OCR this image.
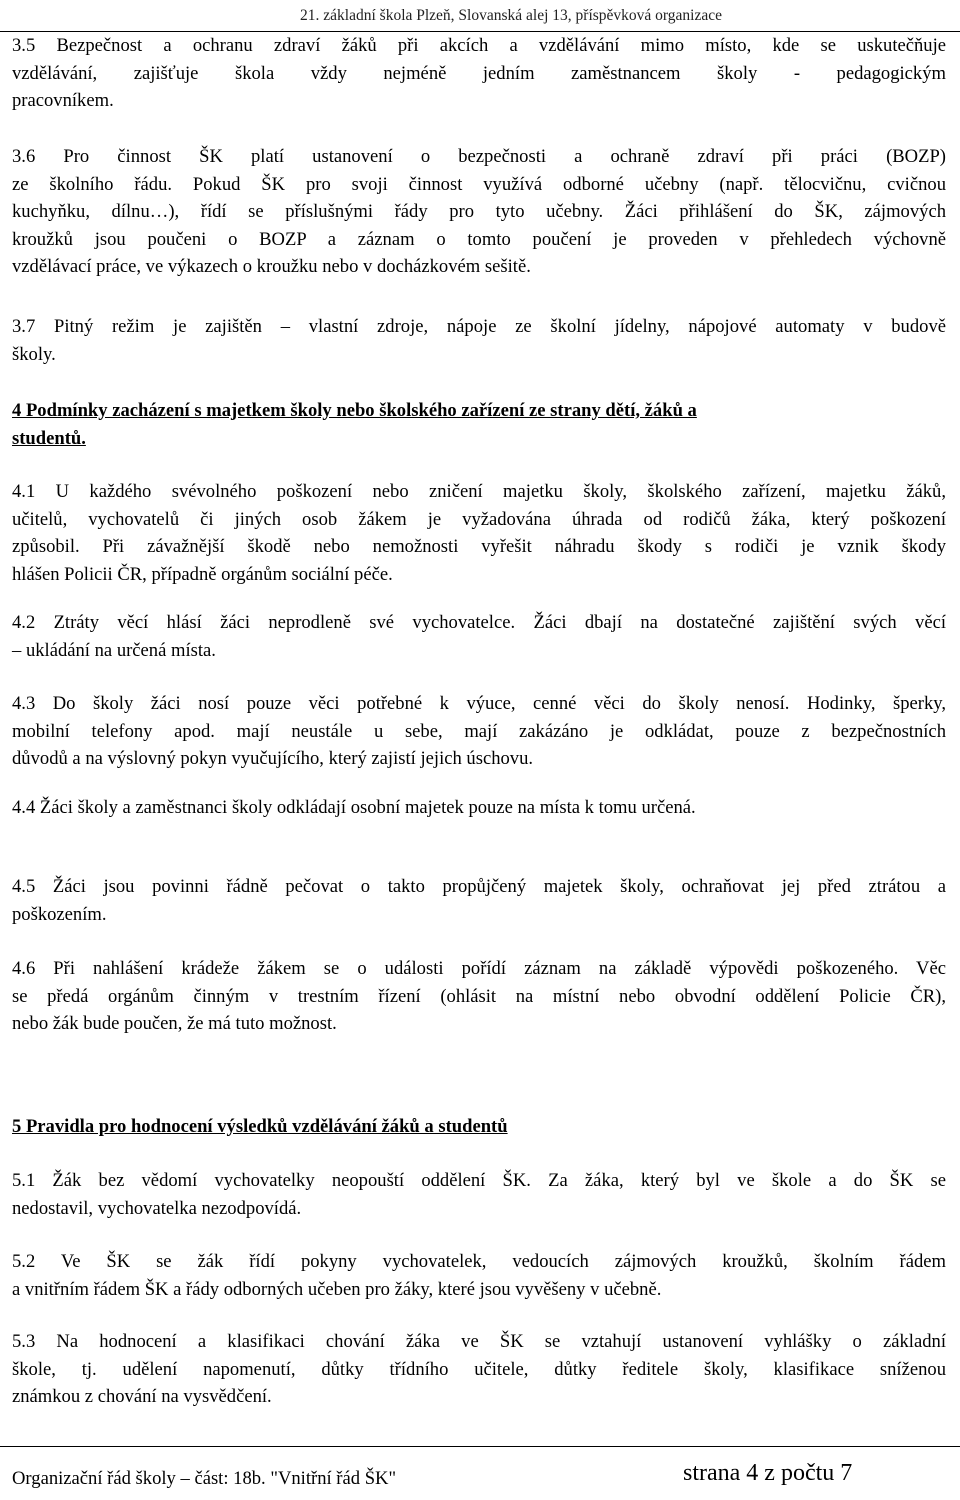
21. základní škola Plzeň, Slovanská alej 13, příspěvková organizace
3.5 Bezpečnost a ochranu zdraví žáků při akcích a vzdělávání mimo místo, kde se uskutečňuje
vzdělávání, zajišťuje škola vždy nejméně jedním zaměstnancem školy - pedagogickým
pracovníkem.
3.6 Pro činnost ŠK platí ustanovení o bezpečnosti a ochraně zdraví při práci (BOZP)
ze školního řádu. Pokud ŠK pro svoji činnost využívá odborné učebny (např. tělocvičnu, cvičnou
kuchyňku, dílnu…), řídí se příslušnými řády pro tyto učebny. Žáci přihlášení do ŠK, zájmových
kroužků jsou poučeni o BOZP a záznam o tomto poučení je proveden v přehledech výchovně
vzdělávací práce, ve výkazech o kroužku nebo v docházkovém sešitě.
3.7 Pitný režim je zajištěn – vlastní zdroje, nápoje ze školní jídelny, nápojové automaty v budově
školy.
4 Podmínky zacházení s majetkem školy nebo školského zařízení ze strany dětí, žáků a
studentů.
4.1 U každého svévolného poškození nebo zničení majetku školy, školského zařízení, majetku žáků,
učitelů, vychovatelů či jiných osob žákem je vyžadována úhrada od rodičů žáka, který poškození
způsobil. Při závažnější škodě nebo nemožnosti vyřešit náhradu škody s rodiči je vznik škody
hlášen Policii ČR, případně orgánům sociální péče.
4.2 Ztráty věcí hlásí žáci neprodleně své vychovatelce. Žáci dbají na dostatečné zajištění svých věcí
– ukládání na určená místa.
4.3 Do školy žáci nosí pouze věci potřebné k výuce, cenné věci do školy nenosí. Hodinky, šperky,
mobilní telefony apod. mají neustále u sebe, mají zakázáno je odkládat, pouze z bezpečnostních
důvodů a na výslovný pokyn vyučujícího, který zajistí jejich úschovu.
4.4 Žáci školy a zaměstnanci školy odkládají osobní majetek pouze na místa k tomu určená.
4.5 Žáci jsou povinni řádně pečovat o takto propůjčený majetek školy, ochraňovat jej před ztrátou a
poškozením.
4.6 Při nahlášení krádeže žákem se o události pořídí záznam na základě výpovědi poškozeného. Věc
se předá orgánům činným v trestním řízení (ohlásit na místní nebo obvodní oddělení Policie ČR),
nebo žák bude poučen, že má tuto možnost.
5 Pravidla pro hodnocení výsledků vzdělávání žáků a studentů
5.1 Žák bez vědomí vychovatelky neopouští oddělení ŠK. Za žáka, který byl ve škole a do ŠK se
nedostavil, vychovatelka nezodpovídá.
5.2 Ve ŠK se žák řídí pokyny vychovatelek, vedoucích zájmových kroužků, školním řádem
a vnitřním řádem ŠK a řády odborných učeben pro žáky, které jsou vyvěšeny v učebně.
5.3 Na hodnocení a klasifikaci chování žáka ve ŠK se vztahují ustanovení vyhlášky o základní
škole, tj. udělení napomenutí, důtky třídního učitele, důtky ředitele školy, klasifikace sníženou
známkou z chování na vysvědčení.
Organizační řád školy – část: 18b. "Vnitřní řád ŠK"	strana 4 z počtu 7
